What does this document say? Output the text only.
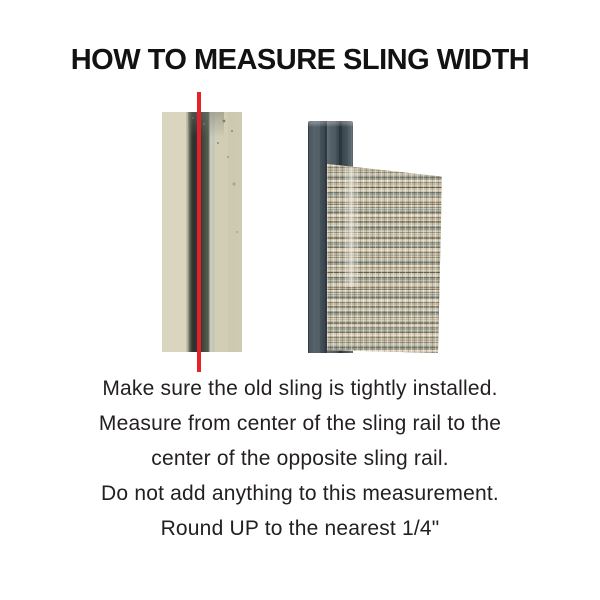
HOW TO MEASURE SLING WIDTH

Make sure the old sling is tightly installed.

Measure from center of the sling rail to the

center of the opposite sling rail.

Do not add anything to this measurement.

Round UP to the nearest 1/4"
